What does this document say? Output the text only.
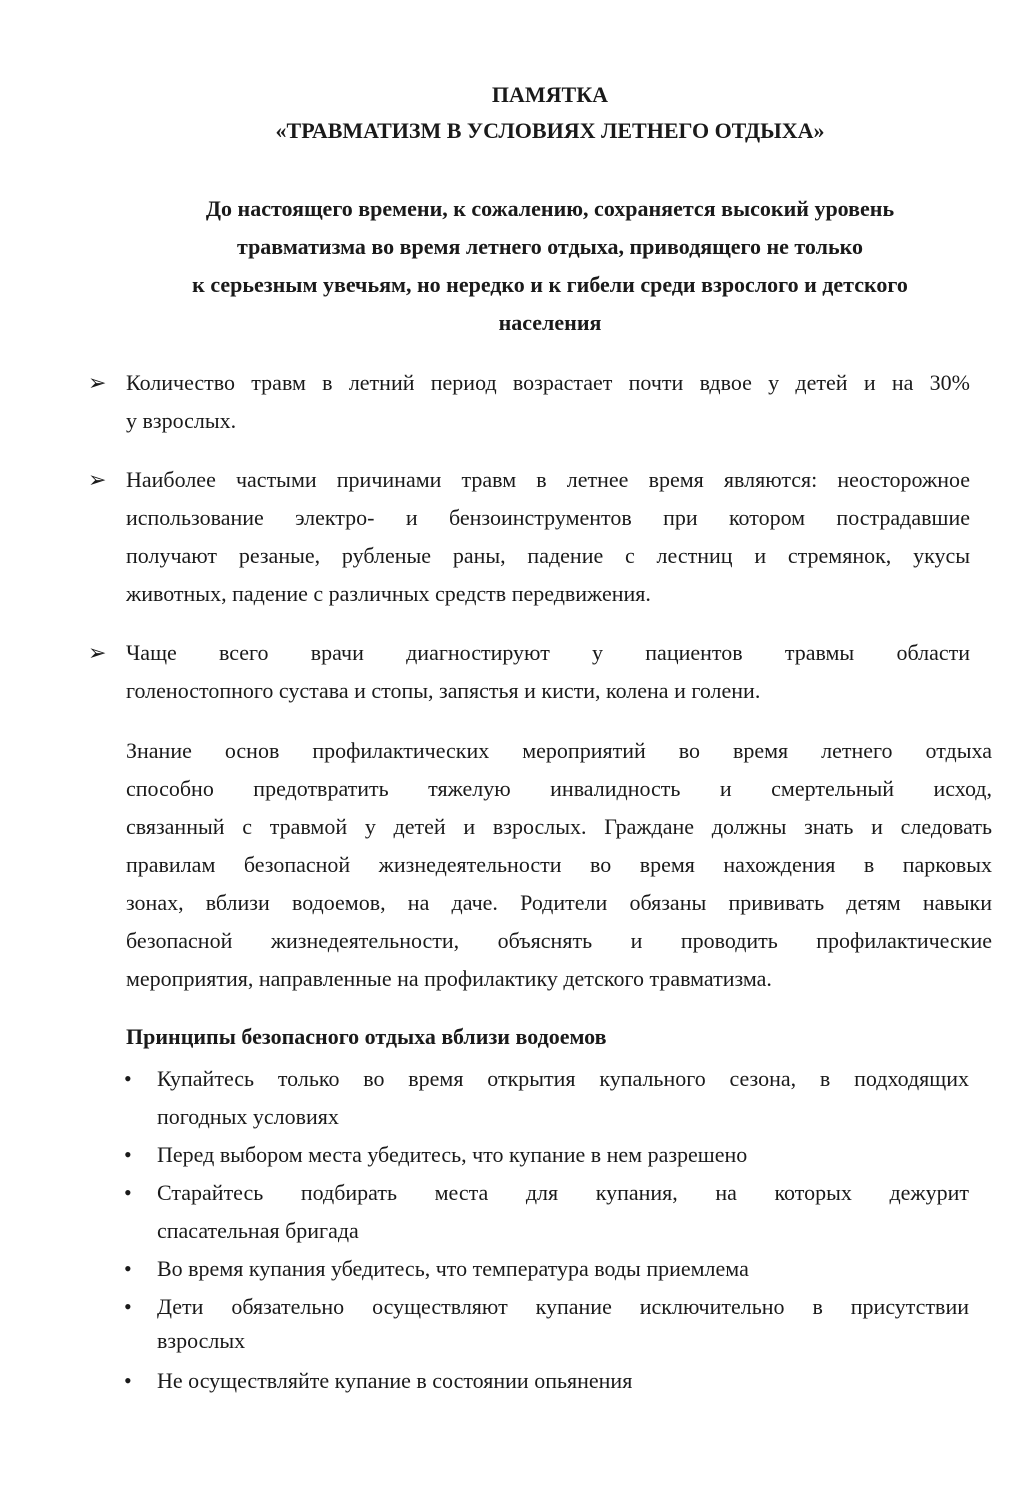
ПАМЯТКА
«ТРАВМАТИЗМ В УСЛОВИЯХ ЛЕТНЕГО ОТДЫХА»
До настоящего времени, к сожалению, сохраняется высокий уровень
травматизма во время летнего отдыха, приводящего не только
к серьезным увечьям, но нередко и к гибели среди взрослого и детского
населения
➢ Количество травм в летний период возрастает почти вдвое у детей и на 30%
у взрослых.
➢ Наиболее частыми причинами травм в летнее время являются: неосторожное
использование электро- и бензоинструментов при котором пострадавшие
получают резаные, рубленые раны, падение с лестниц и стремянок, укусы
животных, падение с различных средств передвижения.
➢ Чаще всего врачи диагностируют у пациентов травмы области
голеностопного сустава и стопы, запястья и кисти, колена и голени.
Знание основ профилактических мероприятий во время летнего отдыха
способно предотвратить тяжелую инвалидность и смертельный исход,
связанный с травмой у детей и взрослых. Граждане должны знать и следовать
правилам безопасной жизнедеятельности во время нахождения в парковых
зонах, вблизи водоемов, на даче. Родители обязаны прививать детям навыки
безопасной жизнедеятельности, объяснять и проводить профилактические
мероприятия, направленные на профилактику детского травматизма.
Принципы безопасного отдыха вблизи водоемов
• Купайтесь только во время открытия купального сезона, в подходящих
погодных условиях
• Перед выбором места убедитесь, что купание в нем разрешено
• Старайтесь подбирать места для купания, на которых дежурит
спасательная бригада
• Во время купания убедитесь, что температура воды приемлема
• Дети обязательно осуществляют купание исключительно в присутствии
взрослых
• Не осуществляйте купание в состоянии опьянения
